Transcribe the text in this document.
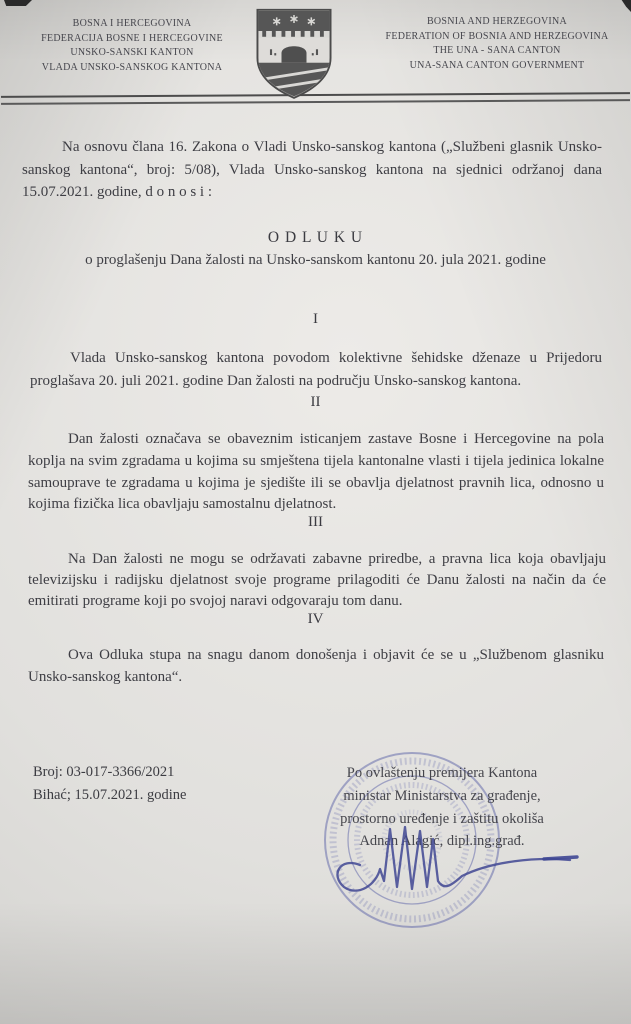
BOSNA I HERCEGOVINA
FEDERACIJA BOSNE I HERCEGOVINE
UNSKO-SANSKI KANTON
VLADA UNSKO-SANSKOG KANTONA
BOSNIA AND HERZEGOVINA
FEDERATION OF BOSNIA AND HERZEGOVINA
THE UNA - SANA CANTON
UNA-SANA CANTON GOVERNMENT

Na osnovu člana 16. Zakona o Vladi Unsko-sanskog kantona („Službeni glasnik Unsko-sanskog kantona“, broj: 5/08), Vlada Unsko-sanskog kantona na sjednici održanoj dana 15.07.2021. godine, d o n o s i :

O D L U K U
o proglašenju Dana žalosti na Unsko-sanskom kantonu 20. jula 2021. godine
I

Vlada Unsko-sanskog kantona povodom kolektivne šehidske dženaze u Prijedoru proglašava 20. juli 2021. godine Dan žalosti na području Unsko-sanskog kantona.

II

Dan žalosti označava se obaveznim isticanjem zastave Bosne i Hercegovine na pola koplja na svim zgradama u kojima su smještena tijela kantonalne vlasti i tijela jedinica lokalne samouprave te zgradama u kojima je sjedište ili se obavlja djelatnost pravnih lica, odnosno u kojima fizička lica obavljaju samostalnu djelatnost.

III

Na Dan žalosti ne mogu se održavati zabavne priredbe, a pravna lica koja obavljaju televizijsku i radijsku djelatnost svoje programe prilagoditi će Danu žalosti na način da će emitirati programe koji po svojoj naravi odgovaraju tom danu.

IV

Ova Odluka stupa na snagu danom donošenja i objavit će se u „Službenom glasniku Unsko-sanskog kantona“.

Broj: 03-017-3366/2021
Bihać; 15.07.2021. godine
Po ovlaštenju premijera Kantona
ministar Ministarstva za građenje,
prostorno uređenje i zaštitu okoliša
Adnan Alagić, dipl.ing.građ.
